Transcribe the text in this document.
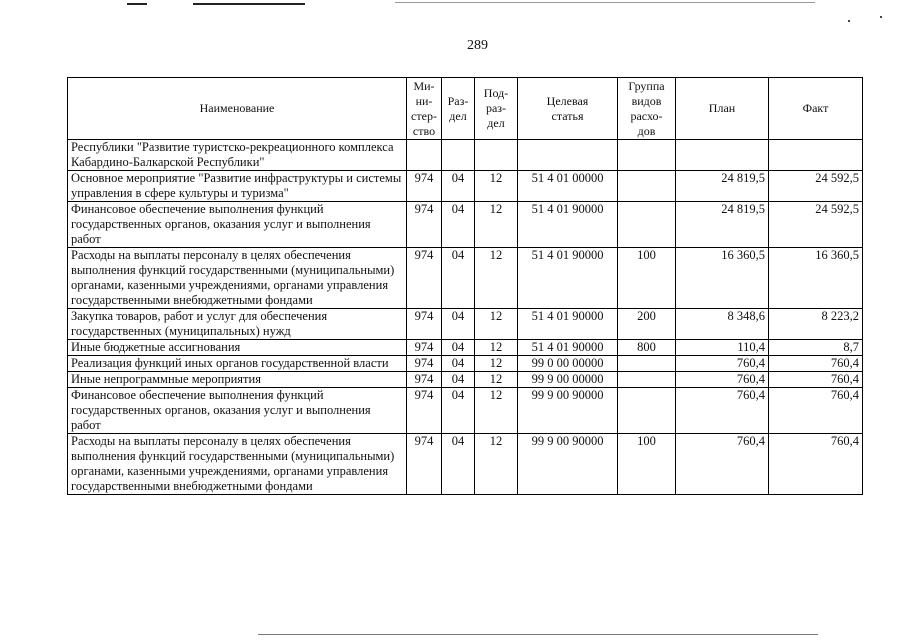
289
Наименование	Ми-
ни-
стер-
ство	Раз-
дел	Под-
раз-
дел	Целевая
статья	Группа
видов
расхо-
дов	План	Факт
Республики "Развитие туристско-рекреационного комплекса Кабардино-Балкарской Республики"							
Основное мероприятие "Развитие инфраструктуры и системы управления в сфере культуры и туризма"	974	04	12	51 4 01 00000		24 819,5	24 592,5
Финансовое обеспечение выполнения функций государственных органов, оказания услуг и выполнения работ	974	04	12	51 4 01 90000		24 819,5	24 592,5
Расходы на выплаты персоналу в целях обеспечения выполнения функций государственными (муниципальными) органами, казенными учреждениями, органами управления государственными внебюджетными фондами	974	04	12	51 4 01 90000	100	16 360,5	16 360,5
Закупка товаров, работ и услуг для обеспечения государственных (муниципальных) нужд	974	04	12	51 4 01 90000	200	8 348,6	8 223,2
Иные бюджетные ассигнования	974	04	12	51 4 01 90000	800	110,4	8,7
Реализация функций иных органов государственной власти	974	04	12	99 0 00 00000		760,4	760,4
Иные непрограммные мероприятия	974	04	12	99 9 00 00000		760,4	760,4
Финансовое обеспечение выполнения функций государственных органов, оказания услуг и выполнения работ	974	04	12	99 9 00 90000		760,4	760,4
Расходы на выплаты персоналу в целях обеспечения выполнения функций государственными (муниципальными) органами, казенными учреждениями, органами управления государственными внебюджетными фондами	974	04	12	99 9 00 90000	100	760,4	760,4
